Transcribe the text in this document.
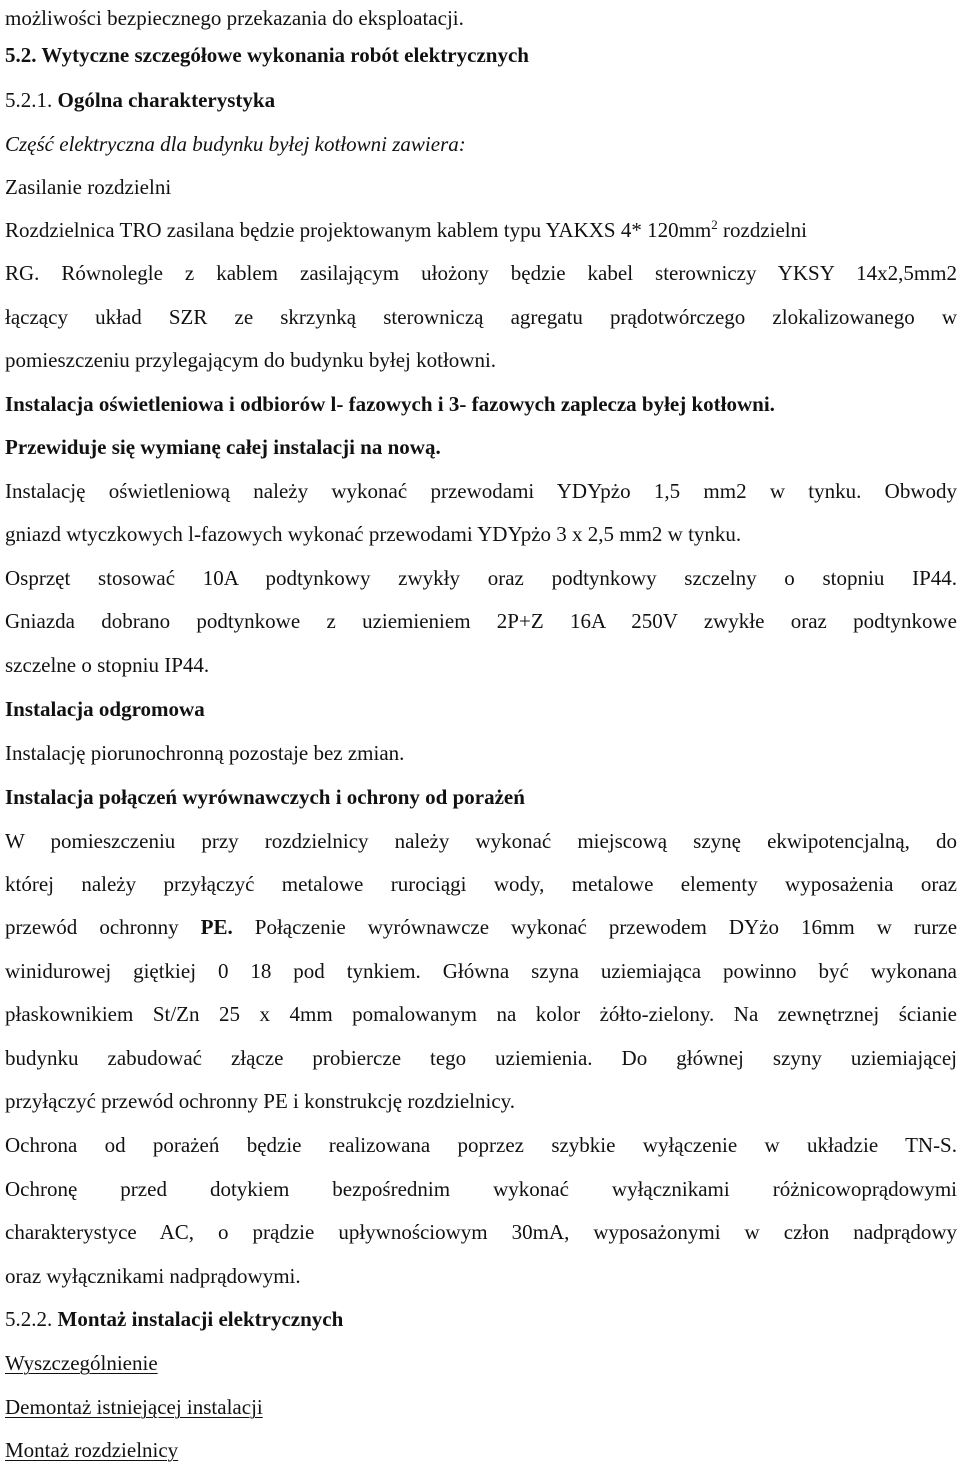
możliwości bezpiecznego przekazania do eksploatacji.
5.2. Wytyczne szczegółowe wykonania robót elektrycznych
5.2.1. Ogólna charakterystyka
Część elektryczna dla budynku byłej kotłowni zawiera:
Zasilanie rozdzielni
Rozdzielnica TRO zasilana będzie projektowanym kablem typu YAKXS 4* $120mm^2$ rozdzielni
RG. Równolegle z kablem zasilającym ułożony będzie kabel sterowniczy YKSY 14x2,5mm2
łączący układ SZR ze skrzynką sterowniczą agregatu prądotwórczego zlokalizowanego w
pomieszczeniu przylegającym do budynku byłej kotłowni.
Instalacja oświetleniowa i odbiorów l- fazowych i 3- fazowych zaplecza byłej kotłowni.
Przewiduje się wymianę całej instalacji na nową.
Instalację oświetleniową należy wykonać przewodami YDYpżo 1,5 mm2 w tynku. Obwody
gniazd wtyczkowych l-fazowych wykonać przewodami YDYpżo 3 x 2,5 mm2 w tynku.
Osprzęt stosować 10A podtynkowy zwykły oraz podtynkowy szczelny o stopniu IP44.
Gniazda dobrano podtynkowe z uziemieniem 2P+Z 16A 250V zwykłe oraz podtynkowe
szczelne o stopniu IP44.
Instalacja odgromowa
Instalację piorunochronną pozostaje bez zmian.
Instalacja połączeń wyrównawczych i ochrony od porażeń
W pomieszczeniu przy rozdzielnicy należy wykonać miejscową szynę ekwipotencjalną, do
której należy przyłączyć metalowe rurociągi wody, metalowe elementy wyposażenia oraz
przewód ochronny PE. Połączenie wyrównawcze wykonać przewodem DYżo 16mm w rurze
winidurowej giętkiej 0 18 pod tynkiem. Główna szyna uziemiająca powinno być wykonana
płaskownikiem St/Zn 25 x 4mm pomalowanym na kolor żółto-zielony. Na zewnętrznej ścianie
budynku zabudować złącze probiercze tego uziemienia. Do głównej szyny uziemiającej
przyłączyć przewód ochronny PE i konstrukcję rozdzielnicy.
Ochrona od porażeń będzie realizowana poprzez szybkie wyłączenie w układzie TN-S.
Ochronę przed dotykiem bezpośrednim wykonać wyłącznikami różnicowoprądowymi
charakterystyce AC, o prądzie upływnościowym 30mA, wyposażonymi w człon nadprądowy
oraz wyłącznikami nadprądowymi.
5.2.2. Montaż instalacji elektrycznych
Wyszczególnienie
Demontaż istniejącej instalacji
Montaż rozdzielnicy
